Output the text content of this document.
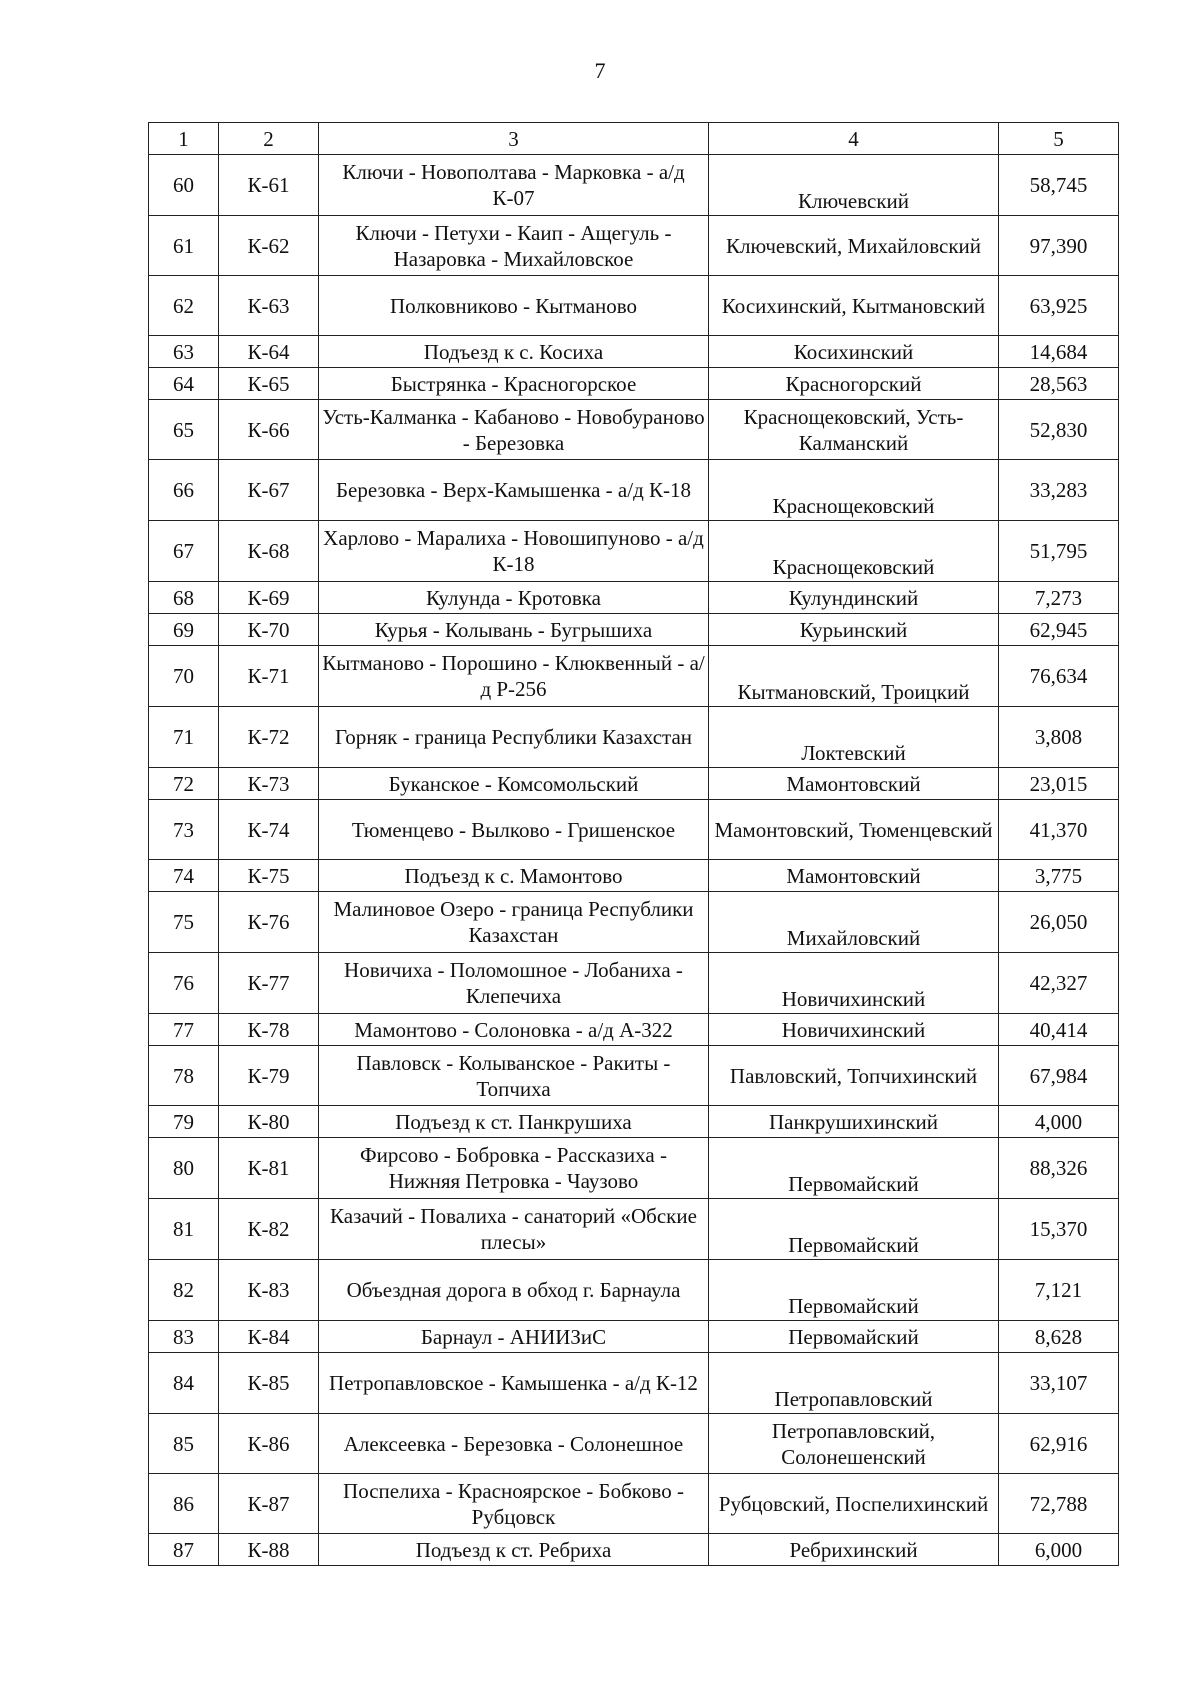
7
1	2	3	4	5
60	К-61	Ключи - Новополтава - Марковка - а/д К-07	Ключевский	58,745
61	К-62	Ключи - Петухи - Каип - Ащегуль - Назаровка - Михайловское	Ключевский, Михайловский	97,390
62	К-63	Полковниково - Кытманово	Косихинский, Кытмановский	63,925
63	К-64	Подъезд к с. Косиха	Косихинский	14,684
64	К-65	Быстрянка - Красногорское	Красногорский	28,563
65	К-66	Усть-Калманка - Кабаново - Новобураново - Березовка	Краснощековский, Усть-Калманский	52,830
66	К-67	Березовка - Верх-Камышенка - а/д К-18	Краснощековский	33,283
67	К-68	Харлово - Маралиха - Новошипуново - а/д К-18	Краснощековский	51,795
68	К-69	Кулунда - Кротовка	Кулундинский	7,273
69	К-70	Курья - Колывань - Бугрышиха	Курьинский	62,945
70	К-71	Кытманово - Порошино - Клюквенный - а/д Р-256	Кытмановский, Троицкий	76,634
71	К-72	Горняк - граница Республики Казахстан	Локтевский	3,808
72	К-73	Буканское - Комсомольский	Мамонтовский	23,015
73	К-74	Тюменцево - Вылково - Гришенское	Мамонтовский, Тюменцевский	41,370
74	К-75	Подъезд к с. Мамонтово	Мамонтовский	3,775
75	К-76	Малиновое Озеро - граница Республики Казахстан	Михайловский	26,050
76	К-77	Новичиха - Поломошное - Лобаниха - Клепечиха	Новичихинский	42,327
77	К-78	Мамонтово - Солоновка - а/д А-322	Новичихинский	40,414
78	К-79	Павловск - Колыванское - Ракиты - Топчиха	Павловский, Топчихинский	67,984
79	К-80	Подъезд к ст. Панкрушиха	Панкрушихинский	4,000
80	К-81	Фирсово - Бобровка - Рассказиха - Нижняя Петровка - Чаузово	Первомайский	88,326
81	К-82	Казачий - Повалиха - санаторий «Обские плесы»	Первомайский	15,370
82	К-83	Объездная дорога в обход г. Барнаула	Первомайский	7,121
83	К-84	Барнаул - АНИИЗиС	Первомайский	8,628
84	К-85	Петропавловское - Камышенка - а/д К-12	Петропавловский	33,107
85	К-86	Алексеевка - Березовка - Солонешное	Петропавловский, Солонешенский	62,916
86	К-87	Поспелиха - Красноярское - Бобково - Рубцовск	Рубцовский, Поспелихинский	72,788
87	К-88	Подъезд к ст. Ребриха	Ребрихинский	6,000
